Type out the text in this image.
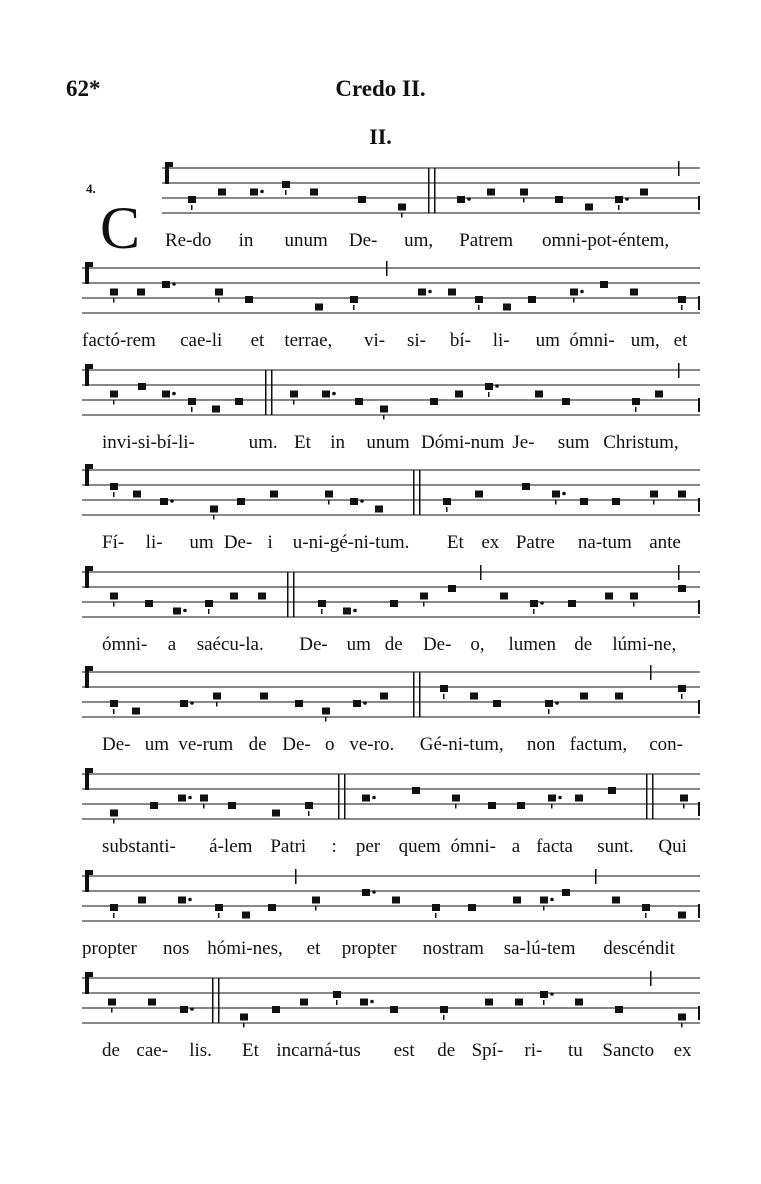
62*	Credo II.
II.
4.
C Re-do in unum De- um, Patrem omni-pot-éntem,
factó-rem cae-li et terrae, vi- si- bí- li- um ómni- um, et
invi-si-bí-li-	um. Et in unum Dómi-num Je- sum Christum,
Fí- li- um De- i u-ni-gé-ni-tum. Et ex Patre na-tum ante
ómni- a saécu-la. De- um de De- o, lumen de lúmi-ne,
De- um ve-rum de De- o ve-ro. Gé-ni-tum, non factum, con-
substanti- á-lem Patri : per quem ómni- a facta sunt. Qui
propter nos hómi-nes, et propter nostram sa-lú-tem descéndit
de cae- lis. Et incarná-tus est de Spí- ri- tu Sancto ex
